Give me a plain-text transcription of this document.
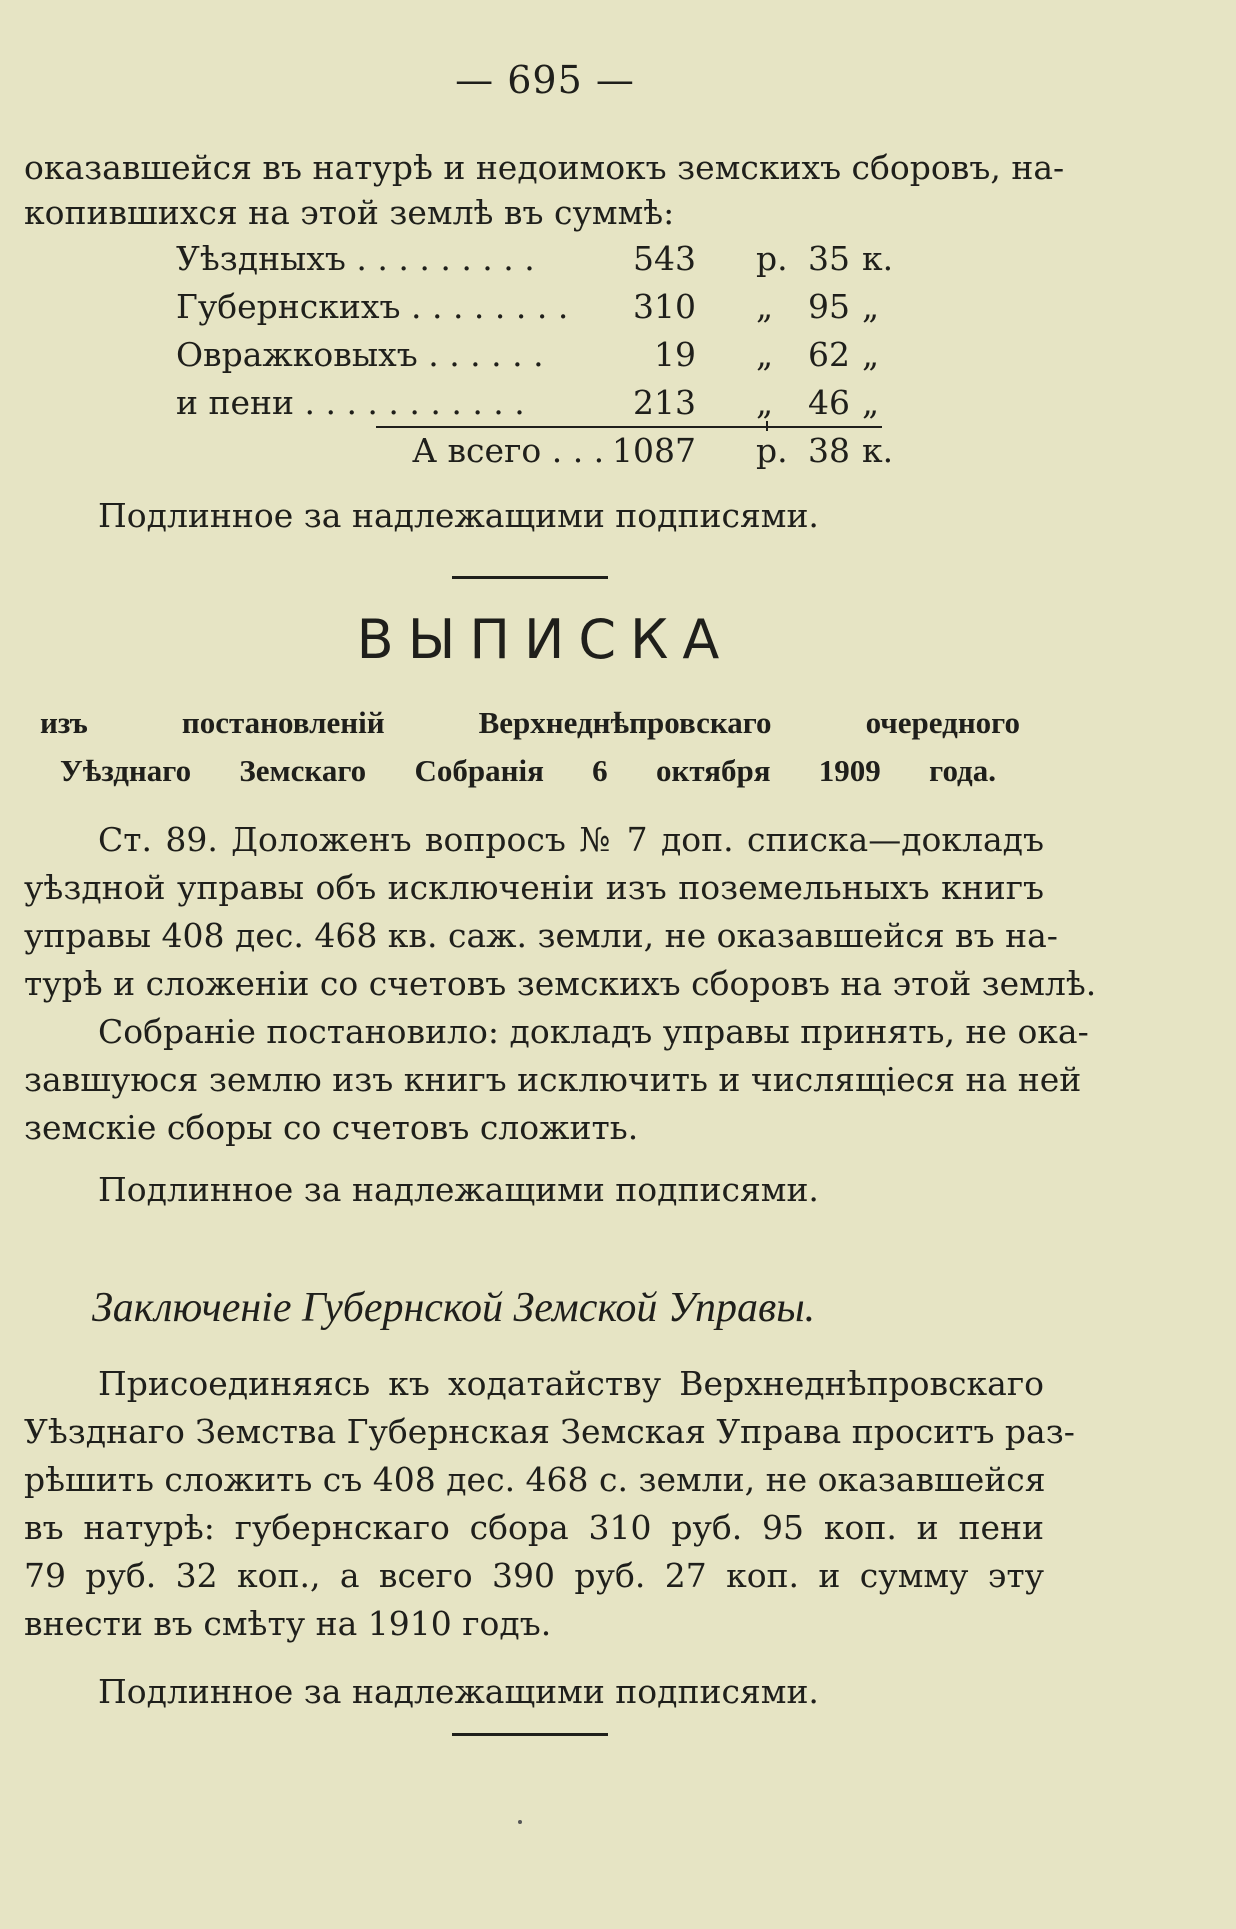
— 695 —
оказавшейся въ натурѣ и недоимокъ земскихъ сборовъ, на-
копившихся на этой землѣ въ суммѣ:
Уѣздныхъ . . . . . . . . .	543 р. 35 к.
Губернскихъ . . . . . . . . 310 „ 95 „
Овражковыхъ . . . . . .	19 „ 62 „
и пени . . . . . . . . . . .	213 „ 46 „
А всего . . . 1087 р. 38 к.
Подлинное за надлежащими подписями.
ВЫПИСКА
изъ постановленій Верхнеднѣпровскаго очередного
Уѣзднаго Земскаго Собранія 6 октября 1909 года.
Ст. 89. Доложенъ вопросъ № 7 доп. списка—докладъ
уѣздной управы объ исключеніи изъ поземельныхъ книгъ
управы 408 дес. 468 кв. саж. земли, не оказавшейся въ на-
турѣ и сложеніи со счетовъ земскихъ сборовъ на этой землѣ.
Собраніе постановило: докладъ управы принять, не ока-
завшуюся землю изъ книгъ исключить и числящіеся на ней
земскіе сборы со счетовъ сложить.
Подлинное за надлежащими подписями.
Заключеніе Губернской Земской Управы.
Присоединяясь къ ходатайству Верхнеднѣпровскаго
Уѣзднаго Земства Губернская Земская Управа проситъ раз-
рѣшить сложить съ 408 дес. 468 с. земли, не оказавшейся
въ натурѣ: губернскаго сбора 310 руб. 95 коп. и пени
79 руб. 32 коп., а всего 390 руб. 27 коп. и сумму эту
внести въ смѣту на 1910 годъ.
Подлинное за надлежащими подписями.
